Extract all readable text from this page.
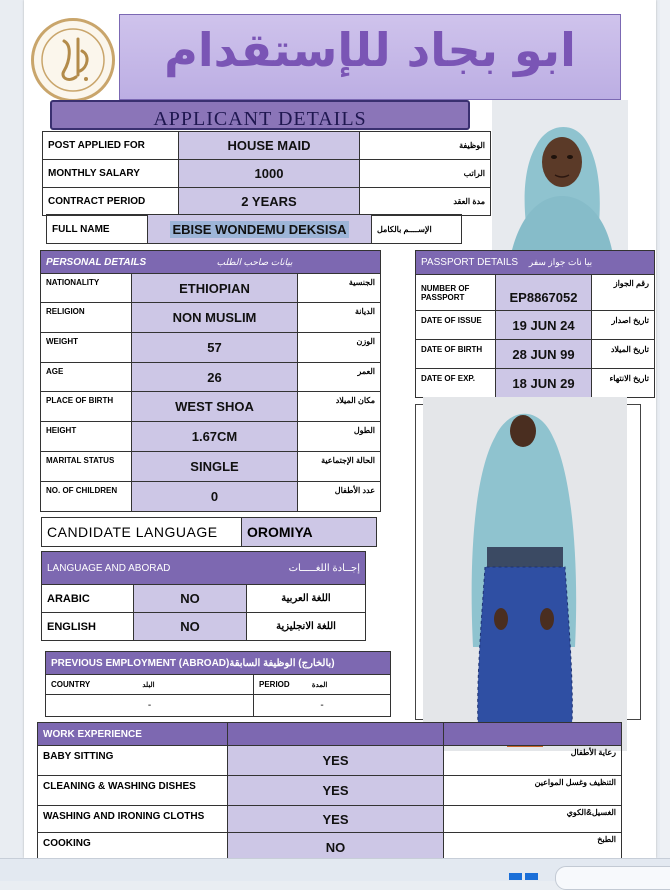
ابو بجاد للإستقدام
APPLICANT DETAILS
POST APPLIED FOR	HOUSE MAID	الوظيفة
MONTHLY SALARY	1000	الراتب
CONTRACT PERIOD	2 YEARS	مدة العقد
FULL NAME	EBISE WONDEMU DEKSISA	الإســــم بالكامل
PERSONAL DETAILS بيانات صاحب الطلب		

NATIONALITY	ETHIOPIAN	الجنسية
RELIGION	NON MUSLIM	الديانة
WEIGHT	57	الوزن
AGE	26	العمر
PLACE OF BIRTH	WEST SHOA	مكان الميلاد
HEIGHT	1.67CM	الطول
MARITAL STATUS	SINGLE	الحالة الإجتماعية
NO. OF CHILDREN	0	عدد الأطفال
PASSPORT DETAILS بيا نات جواز سفر		
NUMBER OF PASSPORT	EP8867052	رقم الجواز
DATE OF ISSUE	19 JUN 24	تاريخ اصدار
DATE OF BIRTH	28 JUN 99	تاريخ الميلاد
DATE OF EXP.	18 JUN 29	تاريخ الانتهاء
CANDIDATE LANGUAGE	OROMIYA
LANGUAGE AND ABORAD إجــادة اللغـــــات		

ARABIC	NO	اللغة العربية
ENGLISH	NO	اللغة الانجليزية
PREVIOUS EMPLOYMENT (ABROAD)(بالخارج) الوظيفة السابقة	
COUNTRY البلد	PERIOD المدة
-	-
WORK EXPERIENCE		
BABY SITTING	YES	رعاية الأطفال
CLEANING & WASHING DISHES	YES	التنظيف وغسل المواعين
WASHING AND IRONING CLOTHS	YES	الغسيل&الكوي
COOKING	NO	الطبخ
